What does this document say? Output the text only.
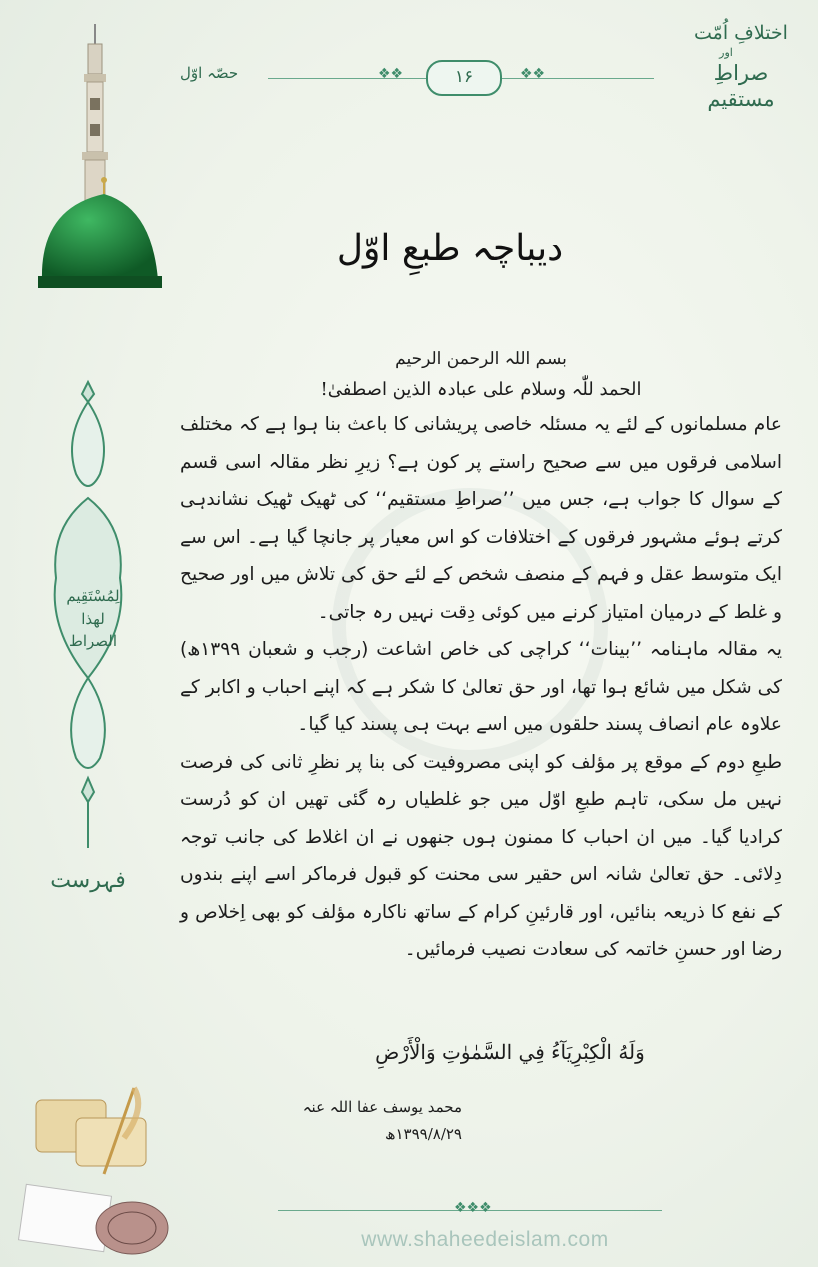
اختلافِ اُمّت
اور
صراطِ مستقیم
حصّہ اوّل	❖❖	❖❖
۱۶
لِمُسْتَقِيم
لهذا الصراط
فہرست
دیباچہ طبعِ اوّل

بسم اللہ الرحمن الرحیم

الحمد للّٰہ وسلام علی عبادہ الذین اصطفیٰ!

عام مسلمانوں کے لئے یہ مسئلہ خاصی پریشانی کا باعث بنا ہوا ہے کہ مختلف اسلامی فرقوں میں سے صحیح راستے پر کون ہے؟ زیرِ نظر مقالہ اسی قسم کے سوال کا جواب ہے، جس میں ’’صراطِ مستقیم‘‘ کی ٹھیک ٹھیک نشاندہی کرتے ہوئے مشہور فرقوں کے اختلافات کو اس معیار پر جانچا گیا ہے۔ اس سے ایک متوسط عقل و فہم کے منصف شخص کے لئے حق کی تلاش میں اور صحیح و غلط کے درمیان امتیاز کرنے میں کوئی دِقت نہیں رہ جاتی۔

یہ مقالہ ماہنامہ ’’بینات‘‘ کراچی کی خاص اشاعت (رجب و شعبان ۱۳۹۹ھ) کی شکل میں شائع ہوا تھا، اور حق تعالیٰ کا شکر ہے کہ اپنے احباب و اکابر کے علاوہ عام انصاف پسند حلقوں میں اسے بہت ہی پسند کیا گیا۔

طبعِ دوم کے موقع پر مؤلف کو اپنی مصروفیت کی بنا پر نظرِ ثانی کی فرصت نہیں مل سکی، تاہم طبعِ اوّل میں جو غلطیاں رہ گئی تھیں ان کو دُرست کرادیا گیا۔ میں ان احباب کا ممنون ہوں جنھوں نے ان اغلاط کی جانب توجہ دِلائی۔ حق تعالیٰ شانہ اس حقیر سی محنت کو قبول فرماکر اسے اپنے بندوں کے نفع کا ذریعہ بنائیں، اور قارئینِ کرام کے ساتھ ناکارہ مؤلف کو بھی اِخلاص و رضا اور حسنِ خاتمہ کی سعادت نصیب فرمائیں۔

وَلَهُ الْكِبْرِيَآءُ فِي السَّمٰوٰتِ وَالْأَرْضِ
محمد یوسف عفا اللہ عنہ
۱۳۹۹/۸/۲۹ھ
❖❖❖
www.shaheedeislam.com
